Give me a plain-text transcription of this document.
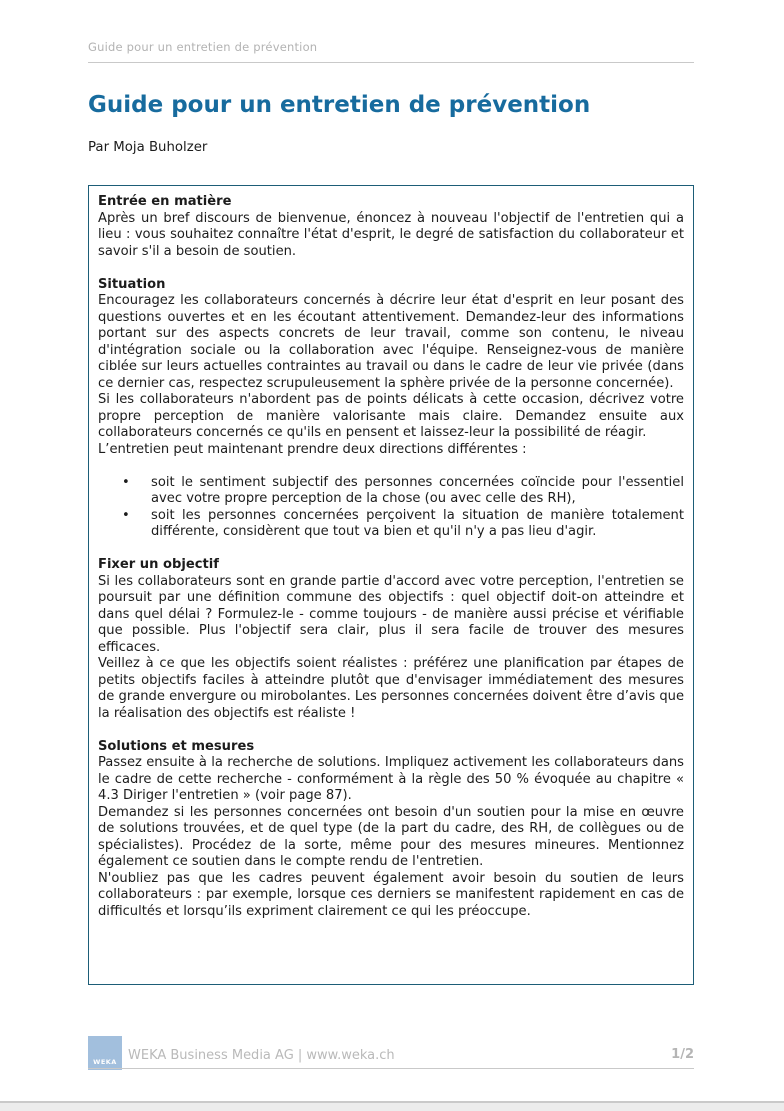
Guide pour un entretien de prévention
Guide pour un entretien de prévention
Par Moja Buholzer
Entrée en matière

Après un bref discours de bienvenue, énoncez à nouveau l'objectif de l'entretien qui a lieu : vous souhaitez connaître l'état d'esprit, le degré de satisfaction du collaborateur et savoir s'il a besoin de soutien.

Situation

Encouragez les collaborateurs concernés à décrire leur état d'esprit en leur posant des questions ouvertes et en les écoutant attentivement. Demandez-leur des informations portant sur des aspects concrets de leur travail, comme son contenu, le niveau d'intégration sociale ou la collaboration avec l'équipe. Renseignez-vous de manière ciblée sur leurs actuelles contraintes au travail ou dans le cadre de leur vie privée (dans ce dernier cas, respectez scrupuleusement la sphère privée de la personne concernée).

Si les collaborateurs n'abordent pas de points délicats à cette occasion, décrivez votre propre perception de manière valorisante mais claire. Demandez ensuite aux collaborateurs concernés ce qu'ils en pensent et laissez-leur la possibilité de réagir.

L’entretien peut maintenant prendre deux directions différentes :

• soit le sentiment subjectif des personnes concernées coïncide pour l'essentiel avec votre propre perception de la chose (ou avec celle des RH),
• soit les personnes concernées perçoivent la situation de manière totalement différente, considèrent que tout va bien et qu'il n'y a pas lieu d'agir.
Fixer un objectif

Si les collaborateurs sont en grande partie d'accord avec votre perception, l'entretien se poursuit par une définition commune des objectifs : quel objectif doit-on atteindre et dans quel délai ? Formulez-le - comme toujours - de manière aussi précise et vérifiable que possible. Plus l'objectif sera clair, plus il sera facile de trouver des mesures efficaces.

Veillez à ce que les objectifs soient réalistes : préférez une planification par étapes de petits objectifs faciles à atteindre plutôt que d'envisager immédiatement des mesures de grande envergure ou mirobolantes. Les personnes concernées doivent être d’avis que la réalisation des objectifs est réaliste !

Solutions et mesures

Passez ensuite à la recherche de solutions. Impliquez activement les collaborateurs dans le cadre de cette recherche - conformément à la règle des 50 % évoquée au chapitre « 4.3 Diriger l'entretien » (voir page 87).

Demandez si les personnes concernées ont besoin d'un soutien pour la mise en œuvre de solutions trouvées, et de quel type (de la part du cadre, des RH, de collègues ou de spécialistes). Procédez de la sorte, même pour des mesures mineures. Mentionnez également ce soutien dans le compte rendu de l'entretien.

N'oubliez pas que les cadres peuvent également avoir besoin du soutien de leurs collaborateurs : par exemple, lorsque ces derniers se manifestent rapidement en cas de difficultés et lorsqu’ils expriment clairement ce qui les préoccupe.

WEKA WEKA Business Media AG | www.weka.ch	1/2
